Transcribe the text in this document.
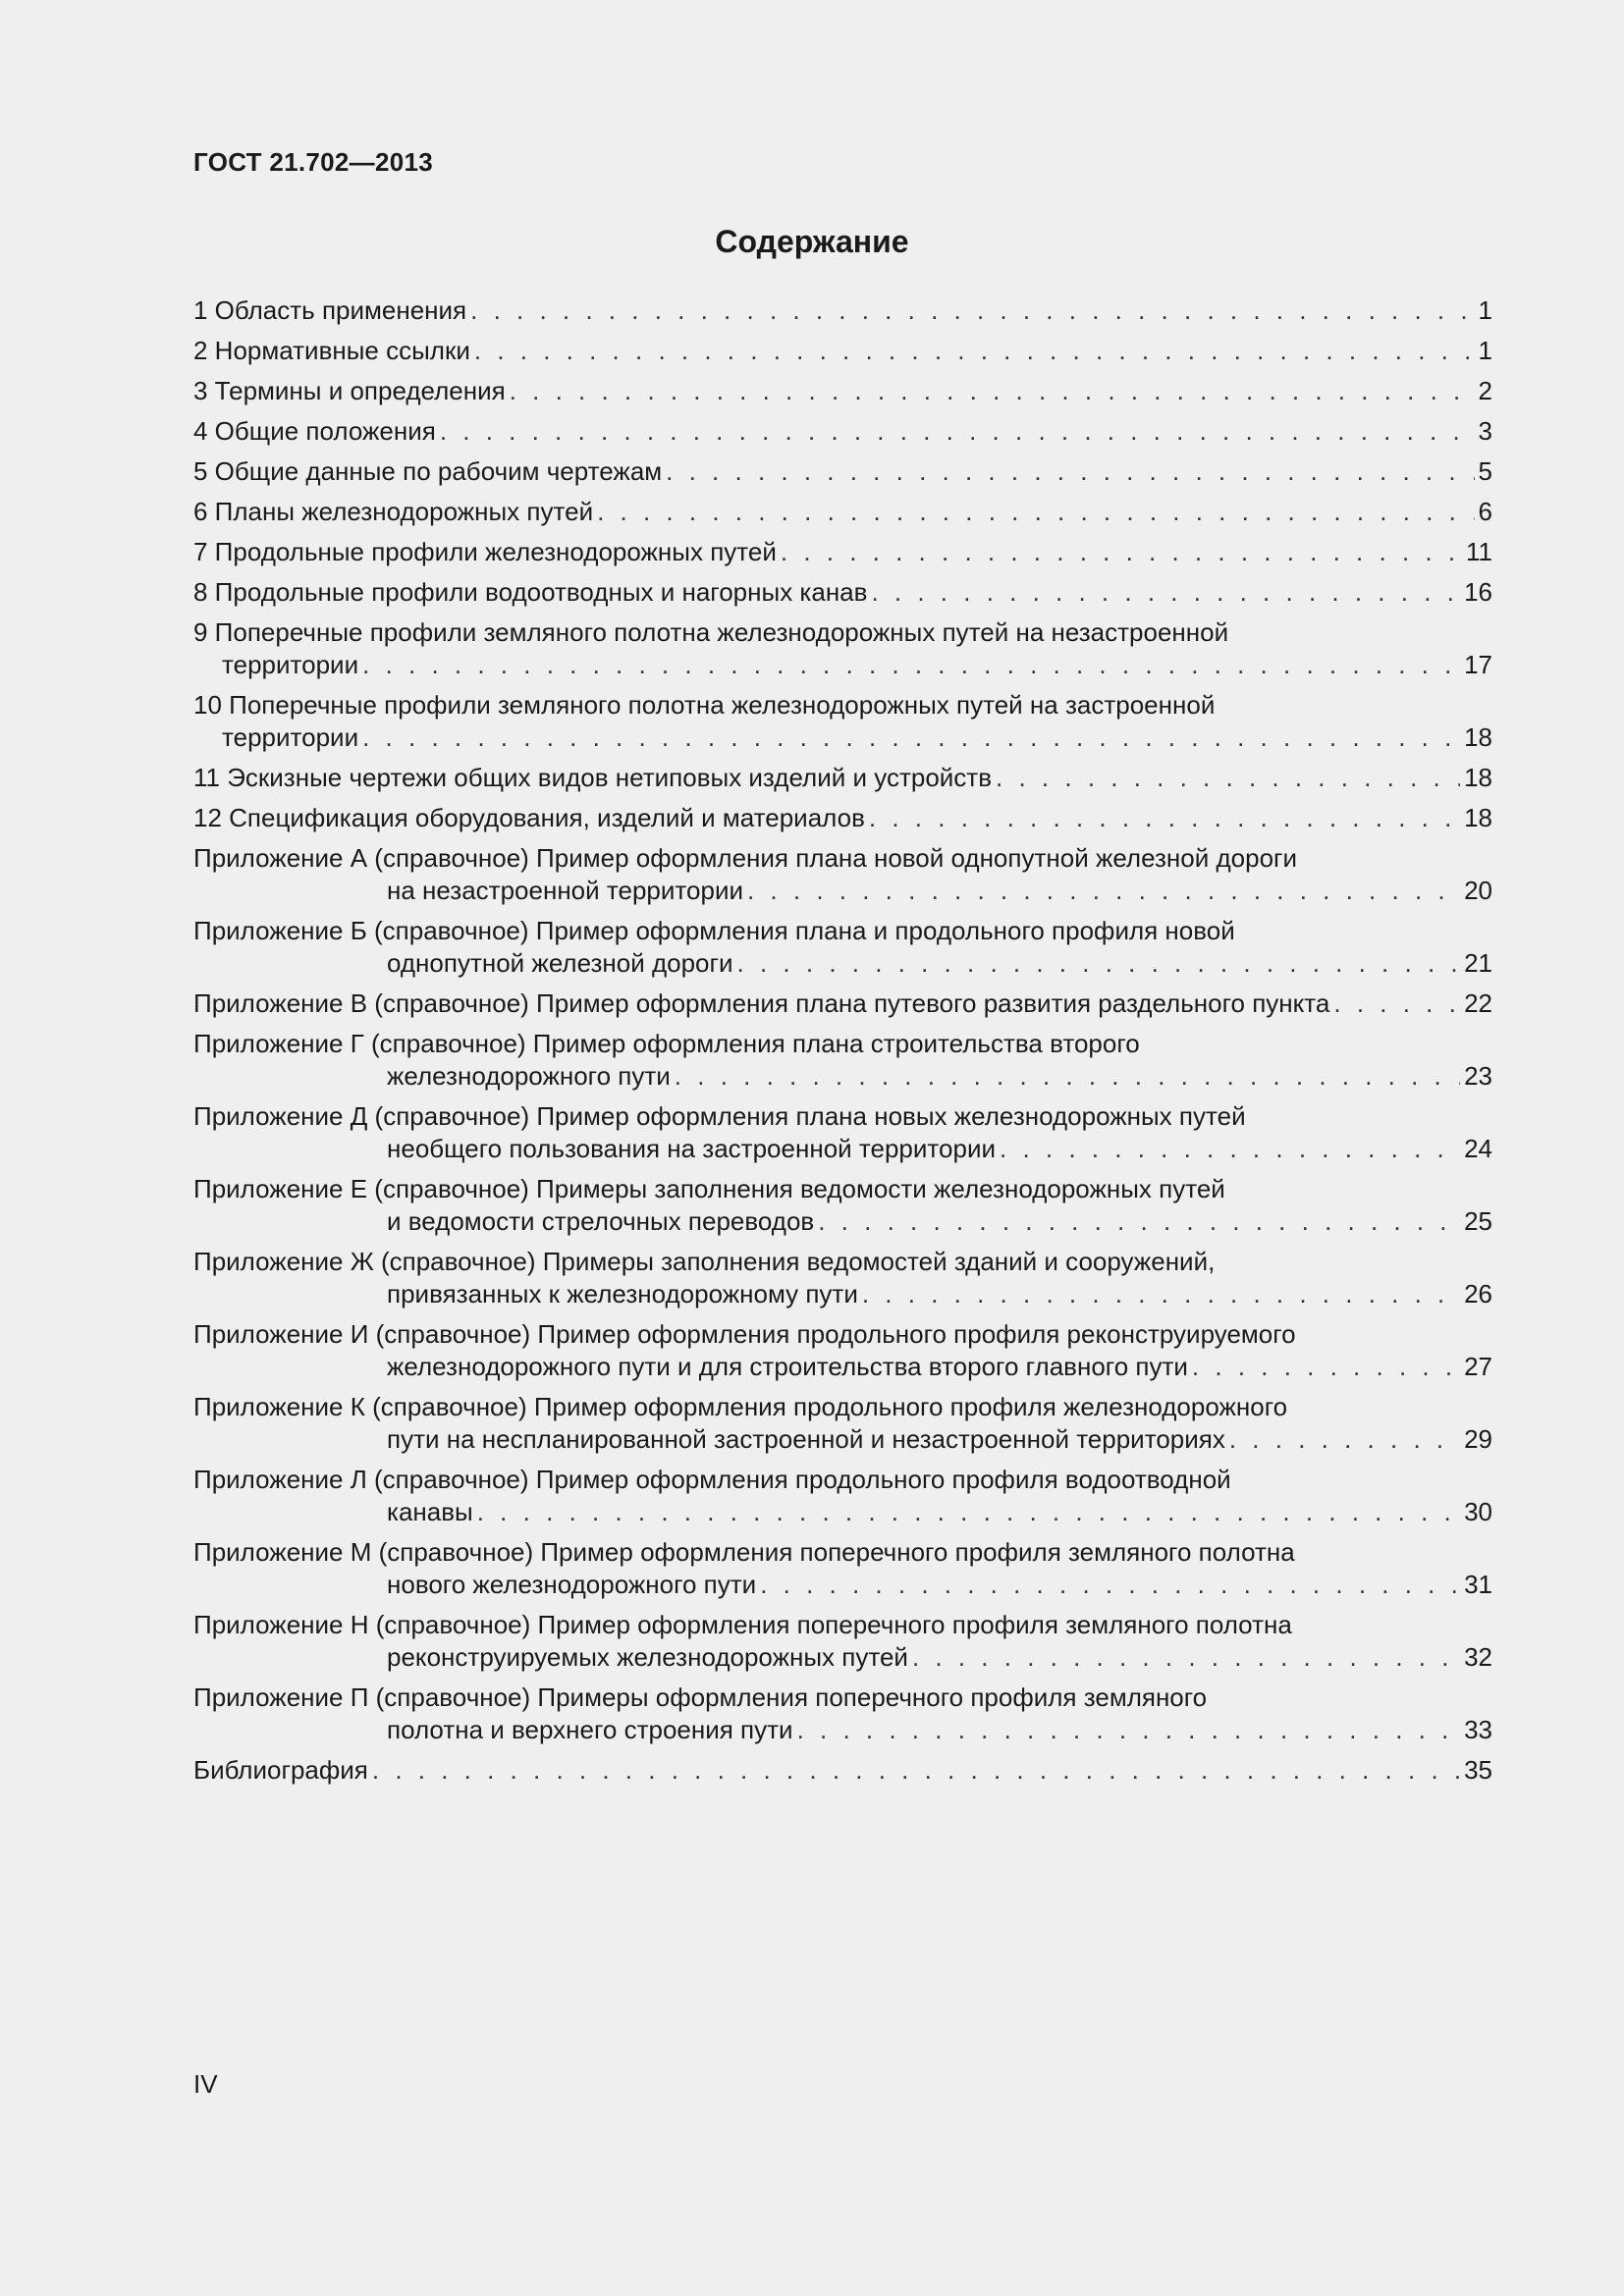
ГОСТ 21.702—2013
Содержание
1 Область применения . . .	1
2 Нормативные ссылки . . .	1
3 Термины и определения . . .	2
4 Общие положения . . .	3
5 Общие данные по рабочим чертежам . . .	5
6 Планы железнодорожных путей . . .	6
7 Продольные профили железнодорожных путей . . .	11
8 Продольные профили водоотводных и нагорных канав . . .	16
9 Поперечные профили земляного полотна железнодорожных путей на незастроенной
территории . . .	17
10 Поперечные профили земляного полотна железнодорожных путей на застроенной
территории . . .	18
11 Эскизные чертежи общих видов нетиповых изделий и устройств . . .	18
12 Спецификация оборудования, изделий и материалов . . .	18
Приложение А (справочное) Пример оформления плана новой однопутной железной дороги
на незастроенной территории . . .	20
Приложение Б (справочное) Пример оформления плана и продольного профиля новой
однопутной железной дороги . . .	21
Приложение В (справочное) Пример оформления плана путевого развития раздельного пункта . . .	22
Приложение Г (справочное) Пример оформления плана строительства второго
железнодорожного пути . . .	23
Приложение Д (справочное) Пример оформления плана новых железнодорожных путей
необщего пользования на застроенной территории . . .	24
Приложение Е (справочное) Примеры заполнения ведомости железнодорожных путей
и ведомости стрелочных переводов . . .	25
Приложение Ж (справочное) Примеры заполнения ведомостей зданий и сооружений,
привязанных к железнодорожному пути . . .	26
Приложение И (справочное) Пример оформления продольного профиля реконструируемого
железнодорожного пути и для строительства второго главного пути . . .	27
Приложение К (справочное) Пример оформления продольного профиля железнодорожного
пути на неспланированной застроенной и незастроенной территориях . . .	29
Приложение Л (справочное) Пример оформления продольного профиля водоотводной
канавы . . .	30
Приложение М (справочное) Пример оформления поперечного профиля земляного полотна
нового железнодорожного пути . . .	31
Приложение Н (справочное) Пример оформления поперечного профиля земляного полотна
реконструируемых железнодорожных путей . . .	32
Приложение П (справочное) Примеры оформления поперечного профиля земляного
полотна и верхнего строения пути . . .	33
Библиография . . .	35
IV
